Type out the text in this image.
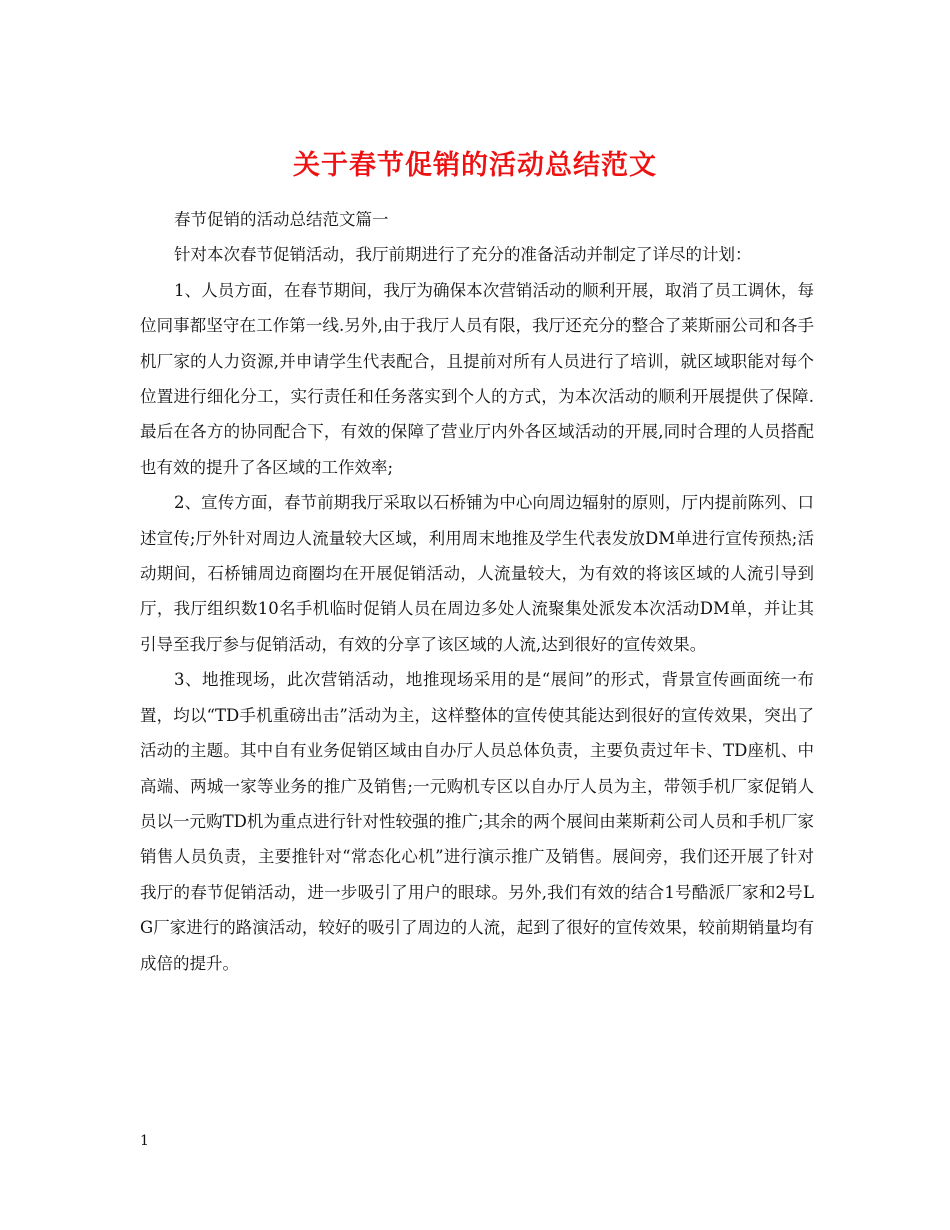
关于春节促销的活动总结范文

春节促销的活动总结范文篇一

针对本次春节促销活动，我厅前期进行了充分的准备活动并制定了详尽的计划：

1、人员方面，在春节期间，我厅为确保本次营销活动的顺利开展，取消了员工调休，每位同事都坚守在工作第一线.另外,由于我厅人员有限，我厅还充分的整合了莱斯丽公司和各手机厂家的人力资源,并申请学生代表配合，且提前对所有人员进行了培训，就区域职能对每个位置进行细化分工，实行责任和任务落实到个人的方式，为本次活动的顺利开展提供了保障.最后在各方的协同配合下，有效的保障了营业厅内外各区域活动的开展,同时合理的人员搭配也有效的提升了各区域的工作效率;

2、宣传方面，春节前期我厅采取以石桥铺为中心向周边辐射的原则，厅内提前陈列、口述宣传;厅外针对周边人流量较大区域，利用周末地推及学生代表发放DM单进行宣传预热;活动期间，石桥铺周边商圈均在开展促销活动，人流量较大，为有效的将该区域的人流引导到厅，我厅组织数10名手机临时促销人员在周边多处人流聚集处派发本次活动DM单，并让其引导至我厅参与促销活动，有效的分享了该区域的人流,达到很好的宣传效果。

3、地推现场，此次营销活动，地推现场采用的是“展间”的形式，背景宣传画面统一布置，均以“TD手机重磅出击”活动为主，这样整体的宣传使其能达到很好的宣传效果，突出了活动的主题。其中自有业务促销区域由自办厅人员总体负责，主要负责过年卡、TD座机、中高端、两城一家等业务的推广及销售;一元购机专区以自办厅人员为主，带领手机厂家促销人员以一元购TD机为重点进行针对性较强的推广;其余的两个展间由莱斯莉公司人员和手机厂家销售人员负责，主要推针对“常态化心机”进行演示推广及销售。展间旁，我们还开展了针对我厅的春节促销活动，进一步吸引了用户的眼球。另外,我们有效的结合1号酷派厂家和2号LG厂家进行的路演活动，较好的吸引了周边的人流，起到了很好的宣传效果，较前期销量均有成倍的提升。

1
